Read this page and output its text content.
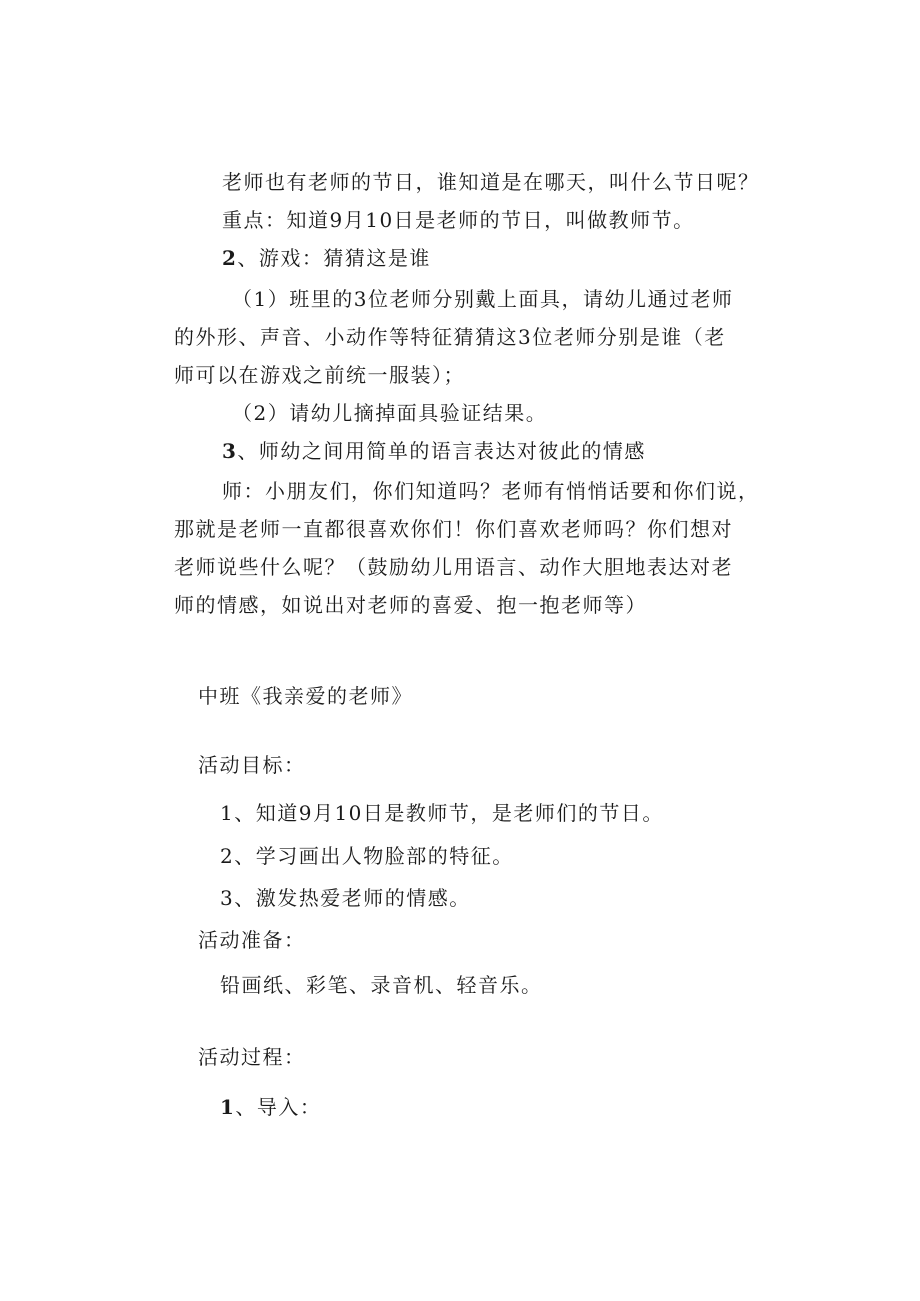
老师也有老师的节日，谁知道是在哪天，叫什么节日呢？
重点：知道9月10日是老师的节日，叫做教师节。
2、游戏：猜猜这是谁
（1）班里的3位老师分别戴上面具，请幼儿通过老师
的外形、声音、小动作等特征猜猜这3位老师分别是谁（老
师可以在游戏之前统一服装）；
（2）请幼儿摘掉面具验证结果。
3、师幼之间用简单的语言表达对彼此的情感
师：小朋友们，你们知道吗？老师有悄悄话要和你们说，
那就是老师一直都很喜欢你们！你们喜欢老师吗？你们想对
老师说些什么呢？（鼓励幼儿用语言、动作大胆地表达对老
师的情感，如说出对老师的喜爱、抱一抱老师等）
中班《我亲爱的老师》
活动目标：
1、知道9月10日是教师节，是老师们的节日。
2、学习画出人物脸部的特征。
3、激发热爱老师的情感。
活动准备：
铅画纸、彩笔、录音机、轻音乐。
活动过程：
1、导入：
